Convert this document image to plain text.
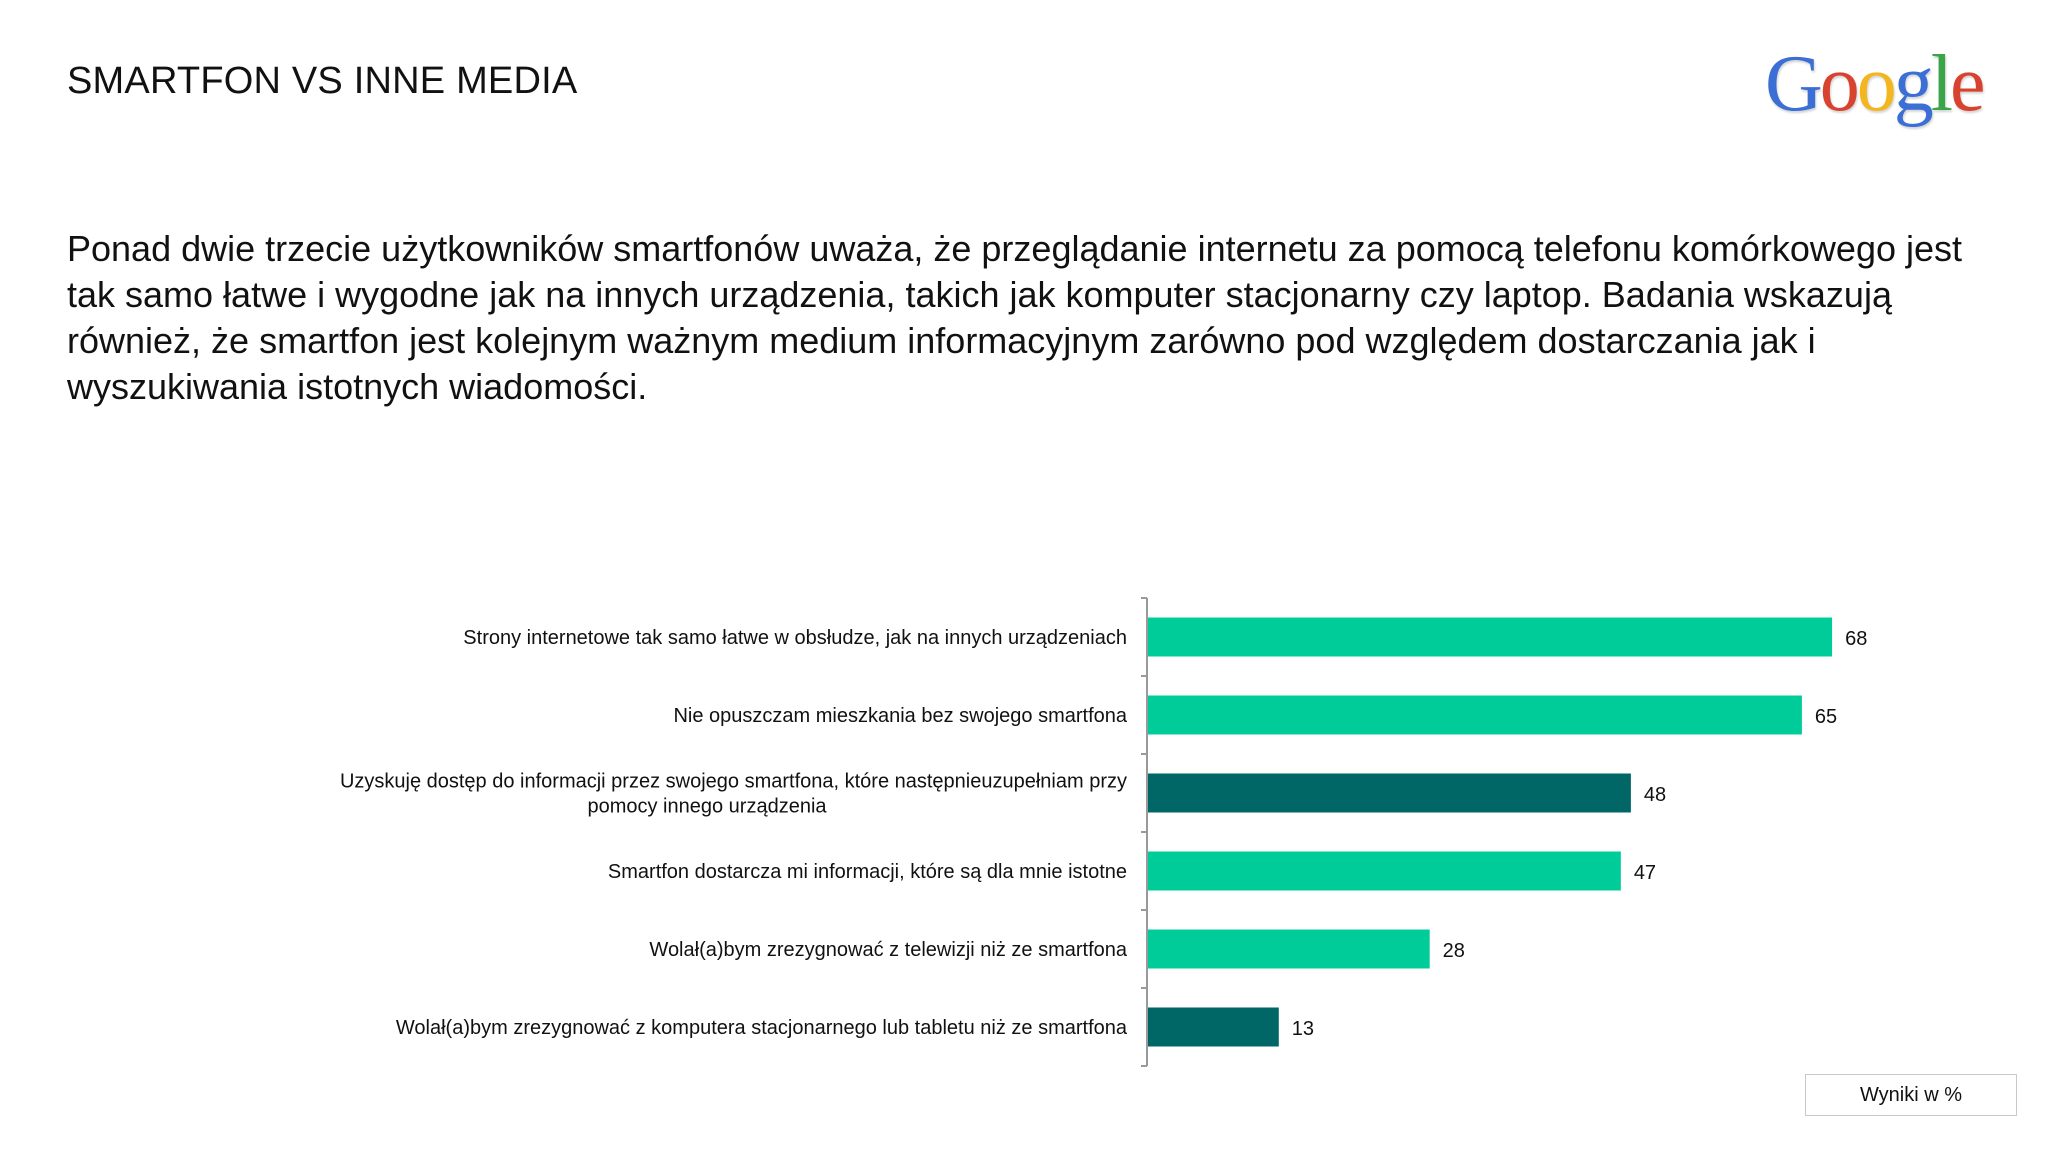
SMARTFON VS INNE MEDIA	Google

Ponad dwie trzecie użytkowników smartfonów uważa, że przeglądanie internetu za pomocą telefonu komórkowego jest tak samo łatwe i wygodne jak na innych urządzenia, takich jak komputer stacjonarny czy laptop. Badania wskazują również, że smartfon jest kolejnym ważnym medium informacyjnym zarówno pod względem dostarczania jak i wyszukiwania istotnych wiadomości.

68
Strony internetowe tak samo łatwe w obsłudze, jak na innych urządzeniach
65
Nie opuszczam mieszkania bez swojego smartfona
48
Uzyskuję dostęp do informacji przez swojego smartfona, które następnieuzupełniam przy
pomocy innego urządzenia
47
Smartfon dostarcza mi informacji, które są dla mnie istotne
28
Wolał(a)bym zrezygnować z telewizji niż ze smartfona
13
Wolał(a)bym zrezygnować z komputera stacjonarnego lub tabletu niż ze smartfona
Wyniki w %
